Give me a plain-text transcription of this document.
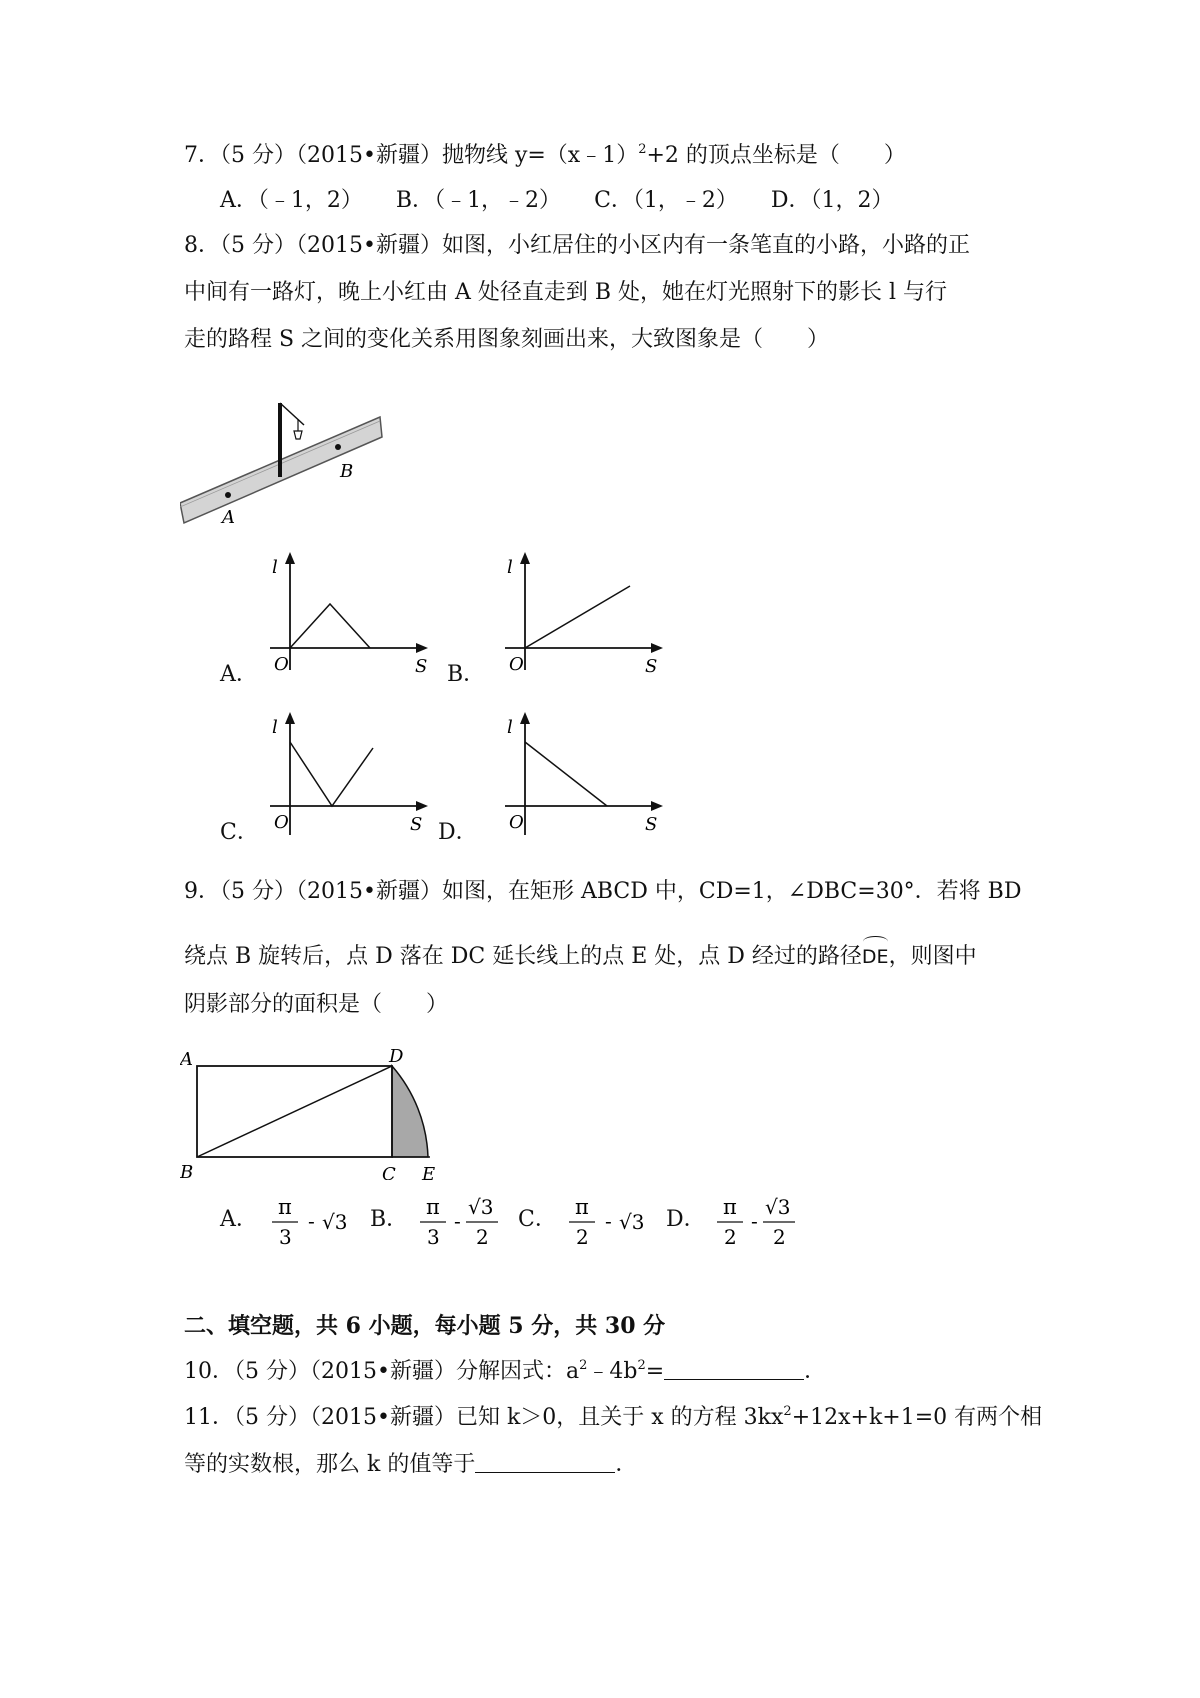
7．（5 分）（2015•新疆）抛物线 y=（x﹣1）$^2$+2 的顶点坐标是（　　）
A．（﹣1，2） B．（﹣1，﹣2） C．（1，﹣2） D．（1，2）
8．（5 分）（2015•新疆）如图，小红居住的小区内有一条笔直的小路，小路的正
中间有一路灯，晚上小红由 A 处径直走到 B 处，她在灯光照射下的影长 l 与行
走的路程 S 之间的变化关系用图象刻画出来，大致图象是（　　）
A
B
l
O	S
A．
l
O	S
B．
l
O	S
C．
l
O	S
D．
9．（5 分）（2015•新疆）如图，在矩形 ABCD 中，CD=1，∠DBC=30°．若将 BD
绕点 B 旋转后，点 D 落在 DC 延长线上的点 E 处，点 D 经过的路径DE，则图中
阴影部分的面积是（　　）
A
B	C
D
E
A． π
3
- √3 B． π
3
-
√3
2
C． π
2
- √3 D． π
2
-
√3
2
二、填空题，共 6 小题，每小题 5 分，共 30 分
10．（5 分）（2015•新疆）分解因式：$a^2﹣4b^2=$	．
11．（5 分）（2015•新疆）已知 k＞0，且关于 x 的方程 $3kx^2+12x+k+1=0$ 有两个相
等的实数根，那么 k 的值等于	．
